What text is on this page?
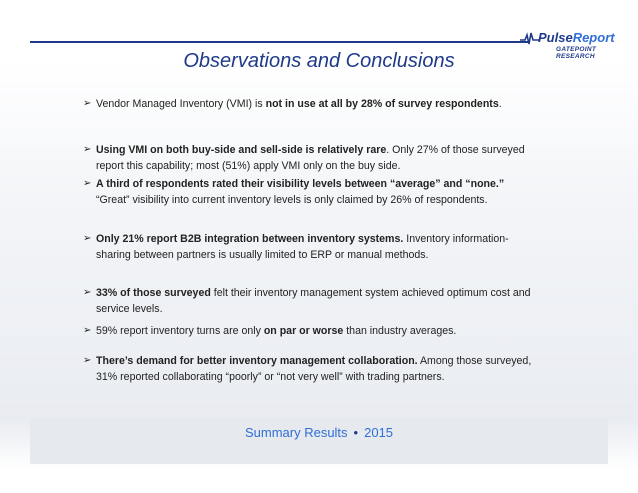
PulseReport
GATEPOINT RESEARCH
Observations and Conclusions
➢ Vendor Managed Inventory (VMI) is not in use at all by 28% of survey respondents.
➢ Using VMI on both buy-side and sell-side is relatively rare. Only 27% of those surveyed report this capability; most (51%) apply VMI only on the buy side.
➢ A third of respondents rated their visibility levels between “average” and “none.” “Great” visibility into current inventory levels is only claimed by 26% of respondents.
➢ Only 21% report B2B integration between inventory systems. Inventory information-sharing between partners is usually limited to ERP or manual methods.
➢ 33% of those surveyed felt their inventory management system achieved optimum cost and service levels.
➢ 59% report inventory turns are only on par or worse than industry averages.
➢ There’s demand for better inventory management collaboration. Among those surveyed, 31% reported collaborating “poorly” or “not very well” with trading partners.
Summary Results • 2015
